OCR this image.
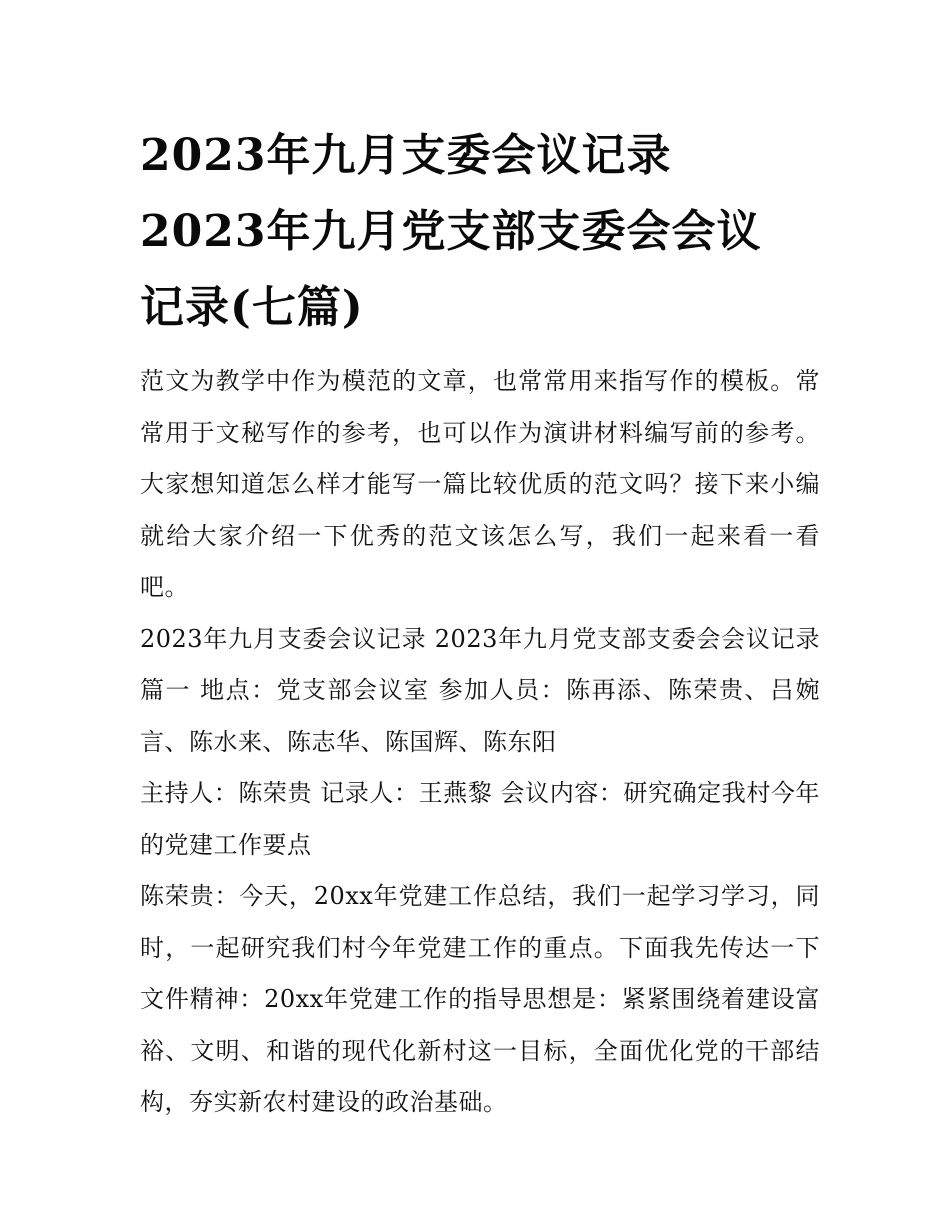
2023年九月支委会议记录
2023年九月党支部支委会会议
记录(七篇)

范文为教学中作为模范的文章，也常常用来指写作的模板。常常用于文秘写作的参考，也可以作为演讲材料编写前的参考。大家想知道怎么样才能写一篇比较优质的范文吗？接下来小编就给大家介绍一下优秀的范文该怎么写，我们一起来看一看吧。

2023年九月支委会议记录 2023年九月党支部支委会会议记录篇一 地点：党支部会议室 参加人员：陈再添、陈荣贵、吕婉言、陈水来、陈志华、陈国辉、陈东阳

主持人：陈荣贵 记录人：王燕黎 会议内容：研究确定我村今年的党建工作要点

陈荣贵：今天，20xx年党建工作总结，我们一起学习学习，同时，一起研究我们村今年党建工作的重点。下面我先传达一下文件精神：20xx年党建工作的指导思想是：紧紧围绕着建设富裕、文明、和谐的现代化新村这一目标，全面优化党的干部结构，夯实新农村建设的政治基础。
